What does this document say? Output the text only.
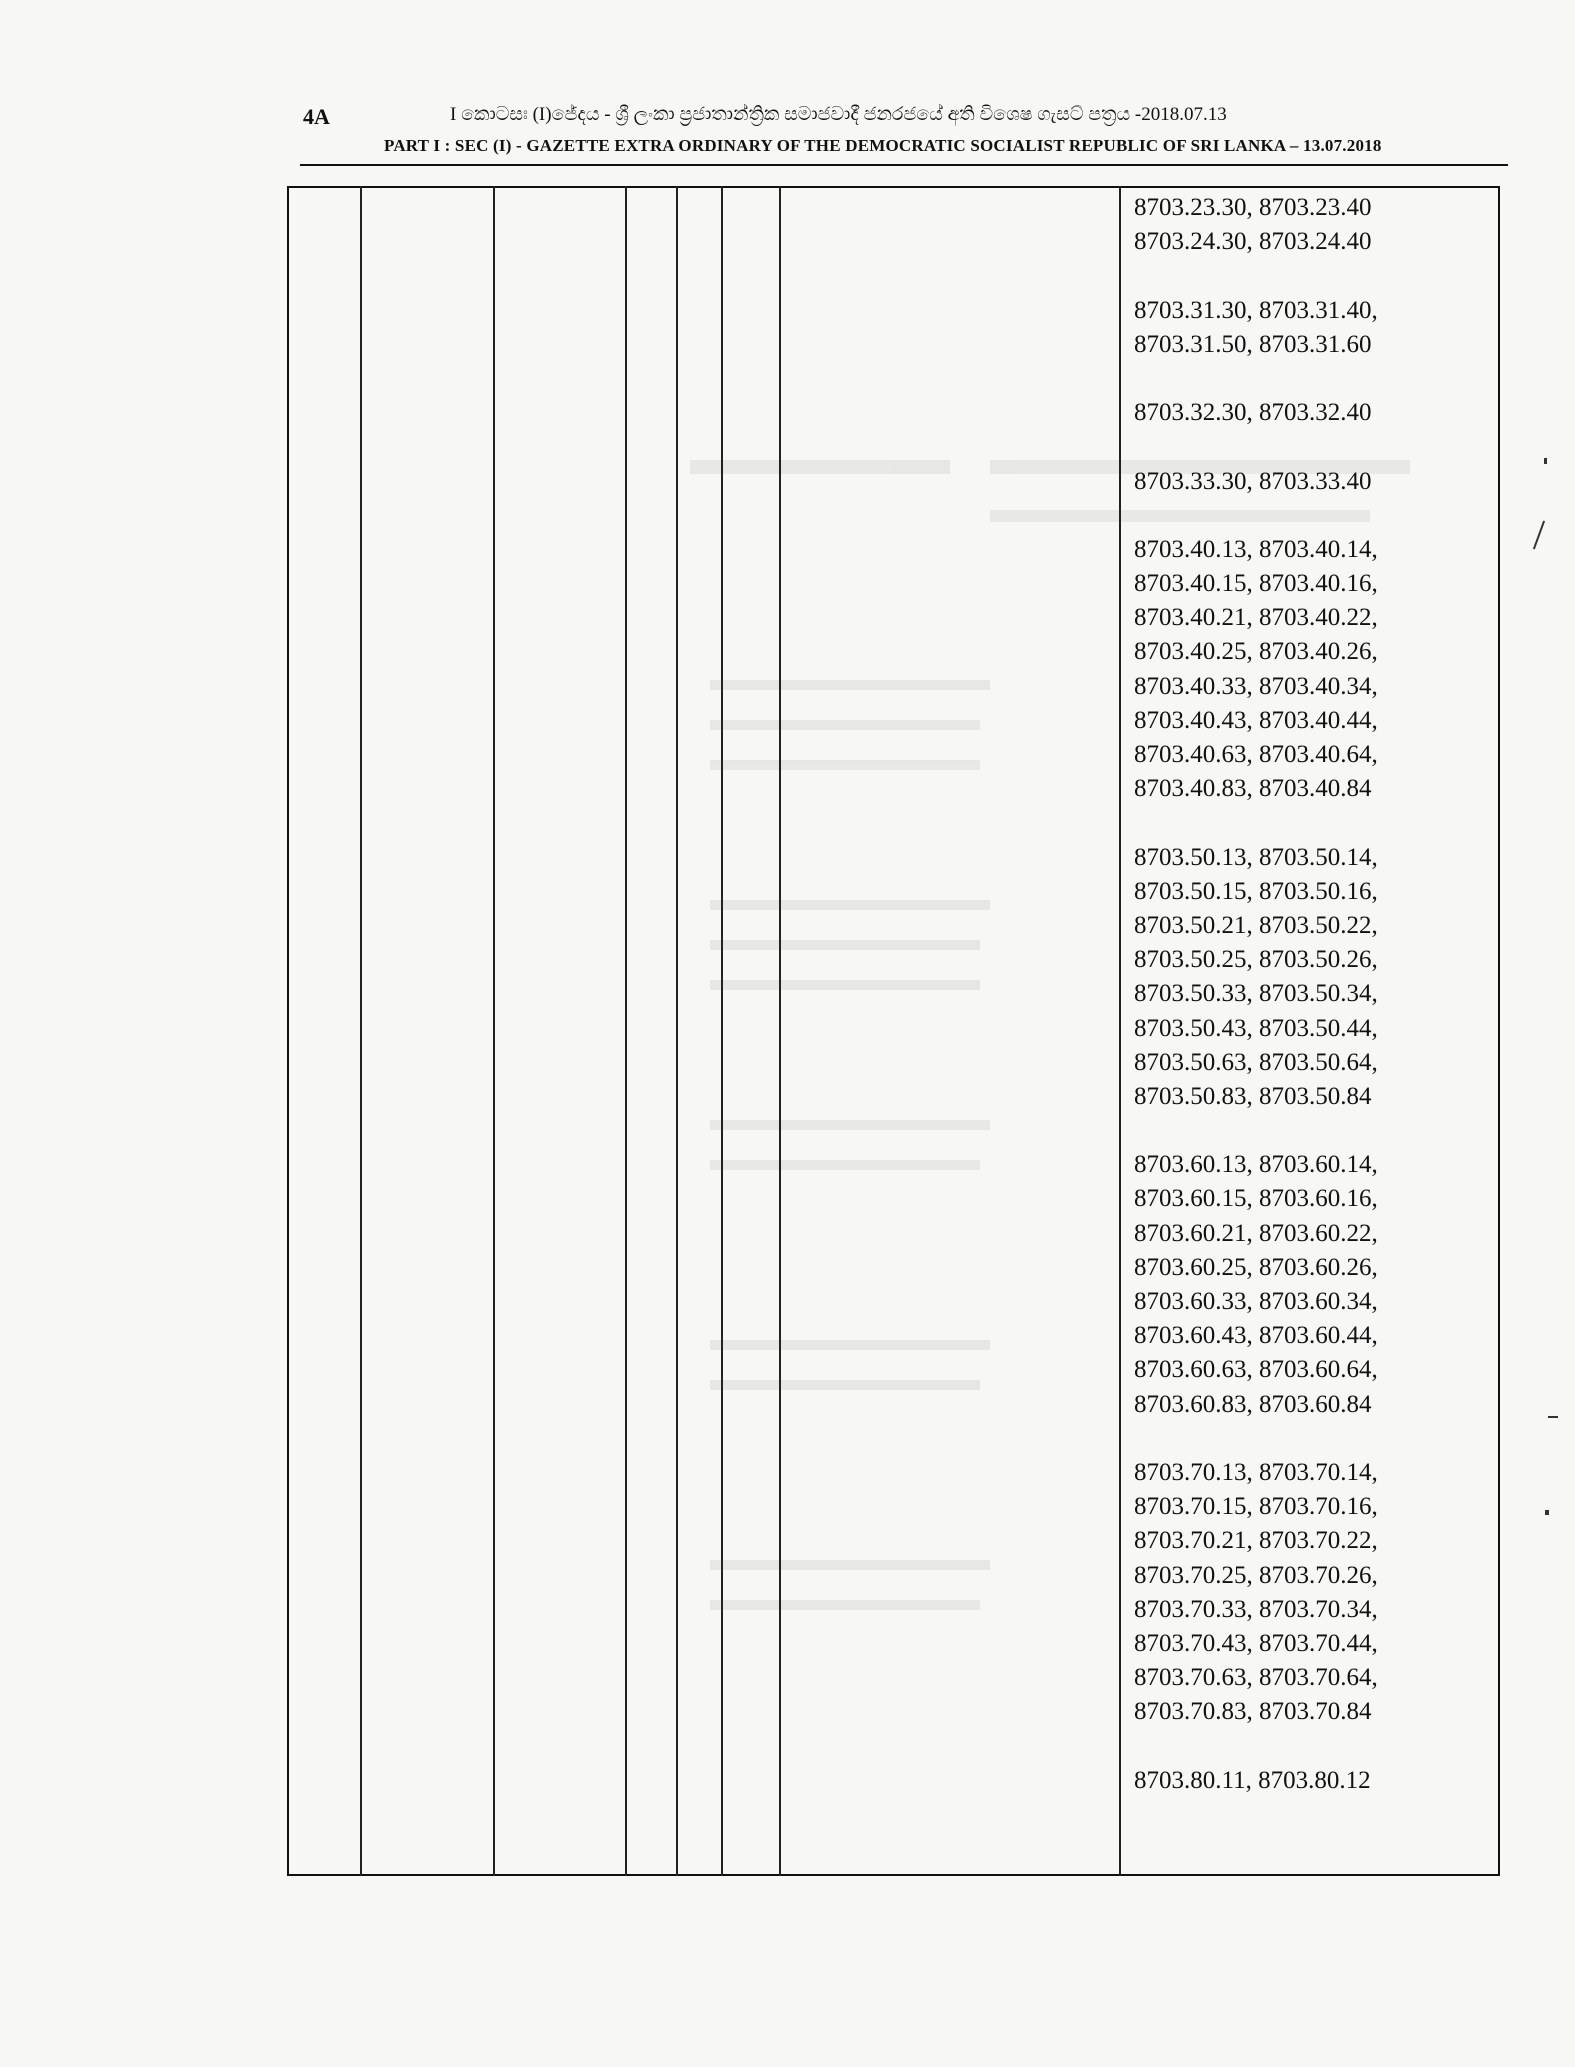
4A	I කොටසඃ (I)ජේදය - ශ්‍රී ලංකා ප්‍රජාතාන්ත්‍රික සමාජවාදී ජනරජයේ අති විශෙෂ ගැසට් පත්‍රය -2018.07.13
PART I : SEC (I) - GAZETTE EXTRA ORDINARY OF THE DEMOCRATIC SOCIALIST REPUBLIC OF SRI LANKA – 13.07.2018
8703.23.30, 8703.23.40
8703.24.30, 8703.24.40
8703.31.30, 8703.31.40,
8703.31.50, 8703.31.60
8703.32.30, 8703.32.40
8703.33.30, 8703.33.40
8703.40.13, 8703.40.14,
8703.40.15, 8703.40.16,
8703.40.21, 8703.40.22,
8703.40.25, 8703.40.26,
8703.40.33, 8703.40.34,
8703.40.43, 8703.40.44,
8703.40.63, 8703.40.64,
8703.40.83, 8703.40.84
8703.50.13, 8703.50.14,
8703.50.15, 8703.50.16,
8703.50.21, 8703.50.22,
8703.50.25, 8703.50.26,
8703.50.33, 8703.50.34,
8703.50.43, 8703.50.44,
8703.50.63, 8703.50.64,
8703.50.83, 8703.50.84
8703.60.13, 8703.60.14,
8703.60.15, 8703.60.16,
8703.60.21, 8703.60.22,
8703.60.25, 8703.60.26,
8703.60.33, 8703.60.34,
8703.60.43, 8703.60.44,
8703.60.63, 8703.60.64,
8703.60.83, 8703.60.84
8703.70.13, 8703.70.14,
8703.70.15, 8703.70.16,
8703.70.21, 8703.70.22,
8703.70.25, 8703.70.26,
8703.70.33, 8703.70.34,
8703.70.43, 8703.70.44,
8703.70.63, 8703.70.64,
8703.70.83, 8703.70.84
8703.80.11, 8703.80.12
